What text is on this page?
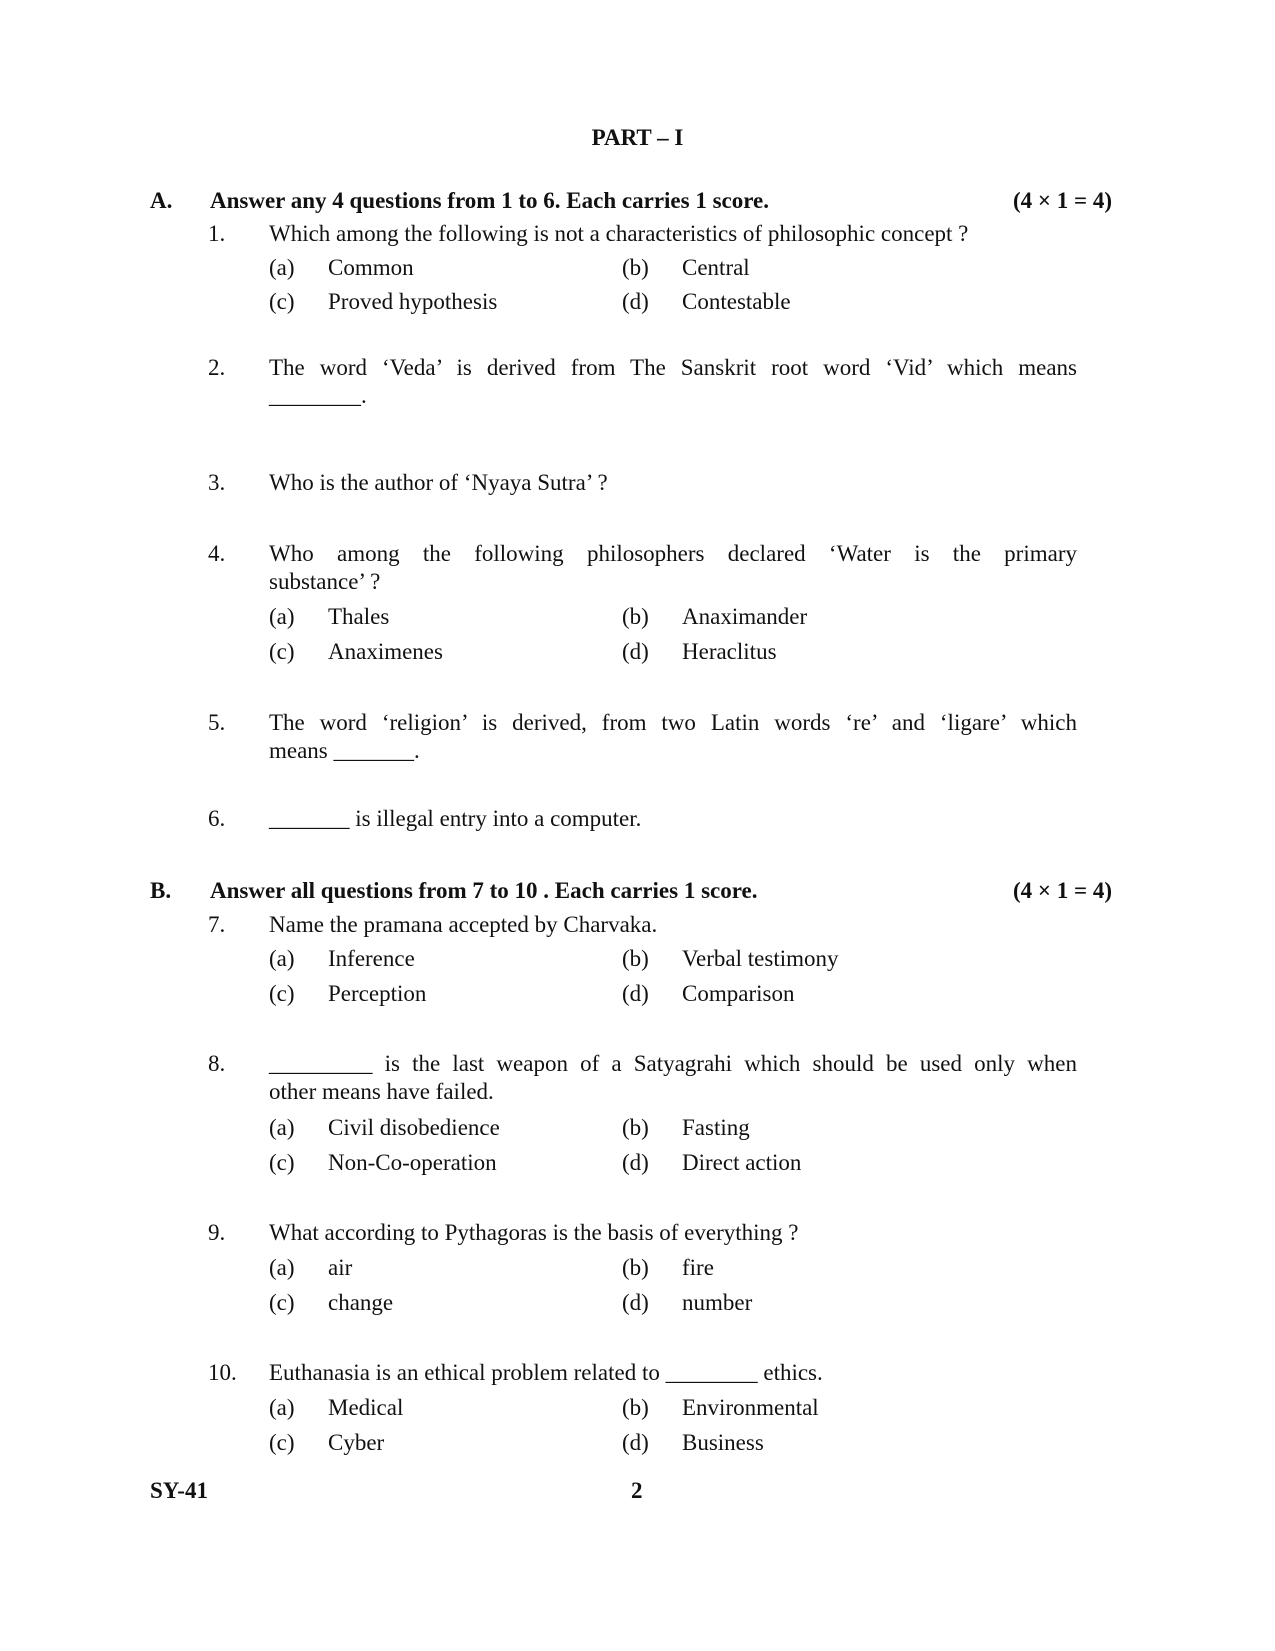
PART – I
A. Answer any 4 questions from 1 to 6. Each carries 1 score.	(4 × 1 = 4)
1. Which among the following is not a characteristics of philosophic concept ?
(a) Common	(b) Central
(c) Proved hypothesis	(d) Contestable
2. The word ‘Veda’ is derived from The Sanskrit root word ‘Vid’ which means
________.
3. Who is the author of ‘Nyaya Sutra’ ?
4. Who among the following philosophers declared ‘Water is the primary
substance’ ?
(a) Thales	(b) Anaximander
(c) Anaximenes	(d) Heraclitus
5. The word ‘religion’ is derived, from two Latin words ‘re’ and ‘ligare’ which
means _______.
6. _______ is illegal entry into a computer.
B. Answer all questions from 7 to 10 . Each carries 1 score.	(4 × 1 = 4)
7. Name the pramana accepted by Charvaka.
(a) Inference	(b) Verbal testimony
(c) Perception	(d) Comparison
8. _________ is the last weapon of a Satyagrahi which should be used only when
other means have failed.
(a) Civil disobedience	(b) Fasting
(c) Non-Co-operation	(d) Direct action
9. What according to Pythagoras is the basis of everything ?
(a) air	(b) fire
(c) change	(d) number
10. Euthanasia is an ethical problem related to ________ ethics.
(a) Medical	(b) Environmental
(c) Cyber	(d) Business
SY-41	2
